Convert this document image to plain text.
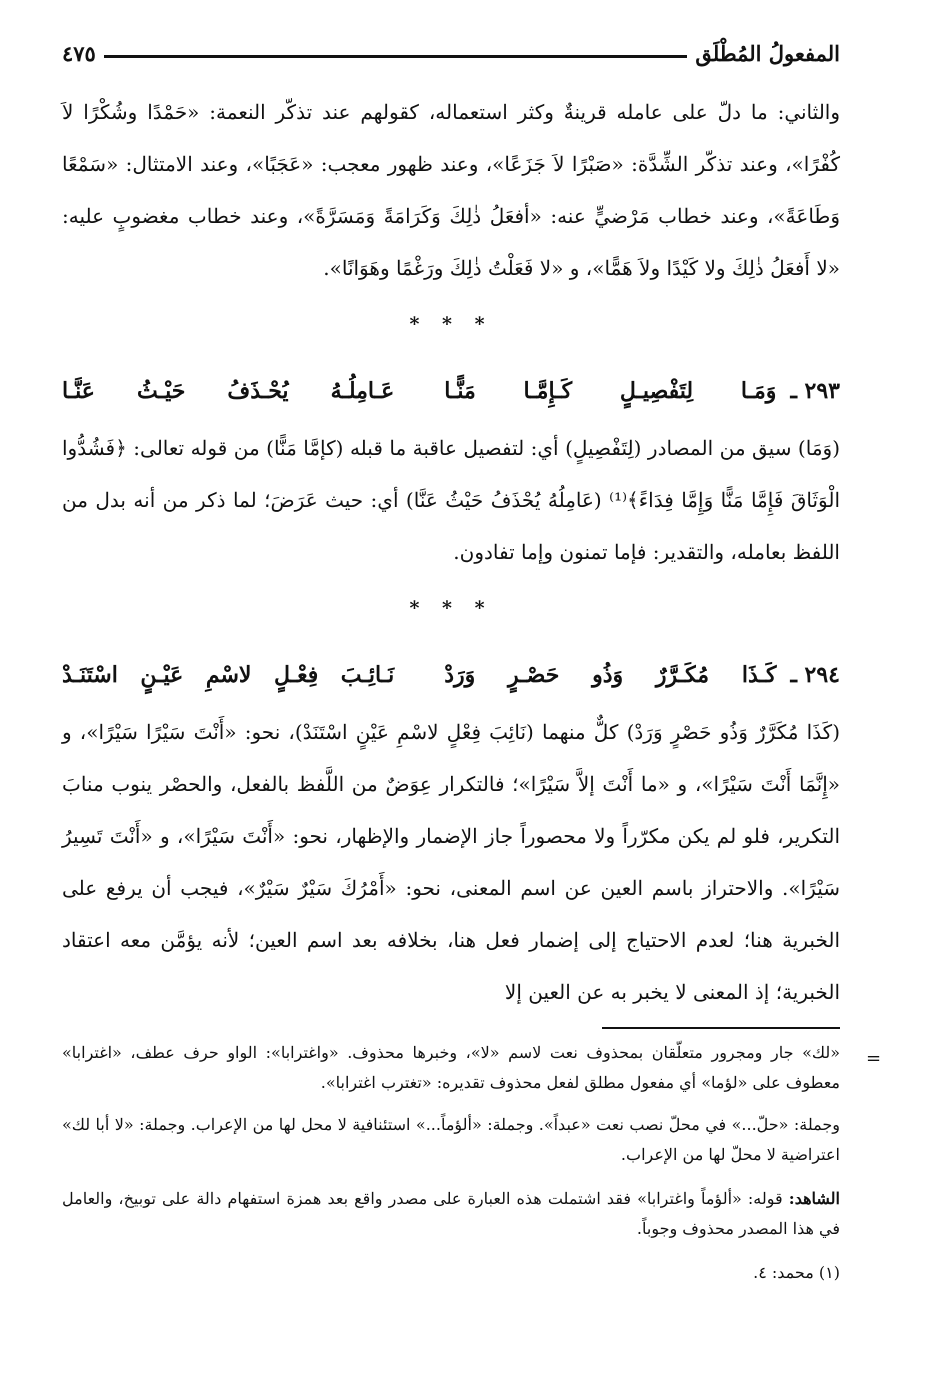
المفعولُ المُطْلَق
٤٧٥

والثاني: ما دلّ على عامله قرينةٌ وكثر استعماله، كقولهم عند تذكّر النعمة: «حَمْدًا وشُكْرًا لاَ كُفْرًا»، وعند تذكّر الشِّدَّة: «صَبْرًا لاَ جَزَعًا»، وعند ظهور معجب: «عَجَبًا»، وعند الامتثال: «سَمْعًا وَطَاعَةً»، وعند خطاب مَرْضيٍّ عنه: «أفعَلُ ذٰلِكَ وَكَرَامَةً وَمَسَرَّةً»، وعند خطاب مغضوبٍ عليه: «لا أَفعَلُ ذٰلِكَ ولا كَيْدًا ولاَ هَمًّا»، و «لا فَعَلْتُ ذٰلِكَ ورَغْمًا وهَوَانًا».

* * *
٢٩٣ ـ
وَمَـا لِتَفْصِيـلٍ كَـإِمَّـا مَنًّـا
عَـامِلُـهُ يُحْـذَفُ حَيْـثُ عَنَّـا

(وَمَا) سيق من المصادر (لِتَفْصِيلٍ) أي: لتفصيل عاقبة ما قبله (كإمَّا مَنًّا) من قوله تعالى: ﴿فَشُدُّوا الْوَثَاقَ فَإِمَّا مَنًّا وَإِمَّا فِدَاءً﴾⁽¹⁾ (عَامِلُهُ يُحْذَفُ حَيْثُ عَنَّا) أي: حيث عَرَضَ؛ لما ذكر من أنه بدل من اللفظ بعامله، والتقدير: فإما تمنون وإما تفادون.

* * *
٢٩٤ ـ
كَـذَا مُكَـرَّرٌ وَذُو حَصْـرٍ وَرَدْ
نَـائِـبَ فِعْـلٍ لاسْمِ عَيْـنٍ اسْتَنَـدْ

(كَذَا مُكَرَّرٌ وَذُو حَصْرٍ وَرَدْ) كلٌّ منهما (نَائِبَ فِعْلٍ لاسْمِ عَيْنٍ اسْتَنَدْ)، نحو: «أَنْتَ سَيْرًا سَيْرًا»، و «إِنَّمَا أَنْتَ سَيْرًا»، و «ما أَنْتَ إلاَّ سَيْرًا»؛ فالتكرار عِوَضٌ من اللَّفظ بالفعل، والحصْر ينوب منابَ التكرير، فلو لم يكن مكرّراً ولا محصوراً جاز الإضمار والإظهار، نحو: «أَنْتَ سَيْرًا»، و «أَنْتَ تَسِيرُ سَيْرًا». والاحتراز باسم العين عن اسم المعنى، نحو: «أَمْرُكَ سَيْرٌ سَيْرٌ»، فيجب أن يرفع على الخبرية هنا؛ لعدم الاحتياج إلى إضمار فعل هنا، بخلافه بعد اسم العين؛ لأنه يؤمَّن معه اعتقاد الخبرية؛ إذ المعنى لا يخبر به عن العين إلا

«لك» جار ومجرور متعلّقان بمحذوف نعت لاسم «لا»، وخبرها محذوف. «واغترابا»: الواو حرف عطف، «اغترابا» معطوف على «لؤما» أي مفعول مطلق لفعل محذوف تقديره: «تغترب اغترابا».

وجملة: «حلّ...» في محلّ نصب نعت «عبداً». وجملة: «ألؤماً...» استئنافية لا محل لها من الإعراب. وجملة: «لا أبا لك» اعتراضية لا محلّ لها من الإعراب.

الشاهد: قوله: «ألؤماً واغترابا» فقد اشتملت هذه العبارة على مصدر واقع بعد همزة استفهام دالة على توبيخ، والعامل في هذا المصدر محذوف وجوباً.

(١) محمد: ٤.

=
